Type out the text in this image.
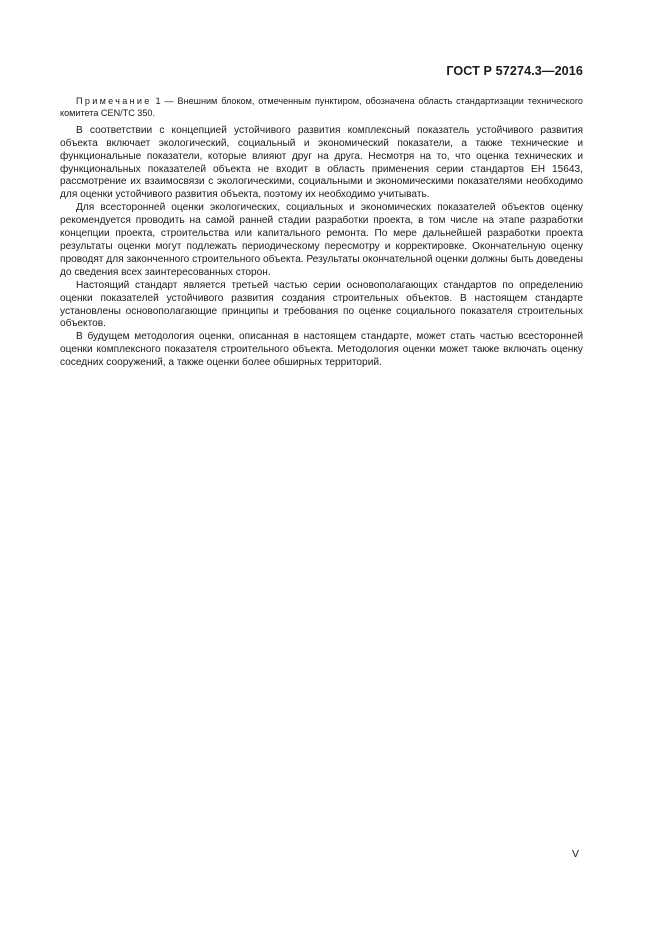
ГОСТ Р 57274.3—2016

Примечание 1 — Внешним блоком, отмеченным пунктиром, обозначена область стандартизации технического комитета CEN/TC 350.

В соответствии с концепцией устойчивого развития комплексный показатель устойчивого развития объекта включает экологический, социальный и экономический показатели, а также технические и функциональные показатели, которые влияют друг на друга. Несмотря на то, что оценка технических и функциональных показателей объекта не входит в область применения серии стандартов ЕН 15643, рассмотрение их взаимосвязи с экологическими, социальными и экономическими показателями необходимо для оценки устойчивого развития объекта, поэтому их необходимо учитывать.

Для всесторонней оценки экологических, социальных и экономических показателей объектов оценку рекомендуется проводить на самой ранней стадии разработки проекта, в том числе на этапе разработки концепции проекта, строительства или капитального ремонта. По мере дальнейшей разработки проекта результаты оценки могут подлежать периодическому пересмотру и корректировке. Окончательную оценку проводят для законченного строительного объекта. Результаты окончательной оценки должны быть доведены до сведения всех заинтересованных сторон.

Настоящий стандарт является третьей частью серии основополагающих стандартов по определению оценки показателей устойчивого развития создания строительных объектов. В настоящем стандарте установлены основополагающие принципы и требования по оценке социального показателя строительных объектов.

В будущем методология оценки, описанная в настоящем стандарте, может стать частью всесторонней оценки комплексного показателя строительного объекта. Методология оценки может также включать оценку соседних сооружений, а также оценки более обширных территорий.

V
